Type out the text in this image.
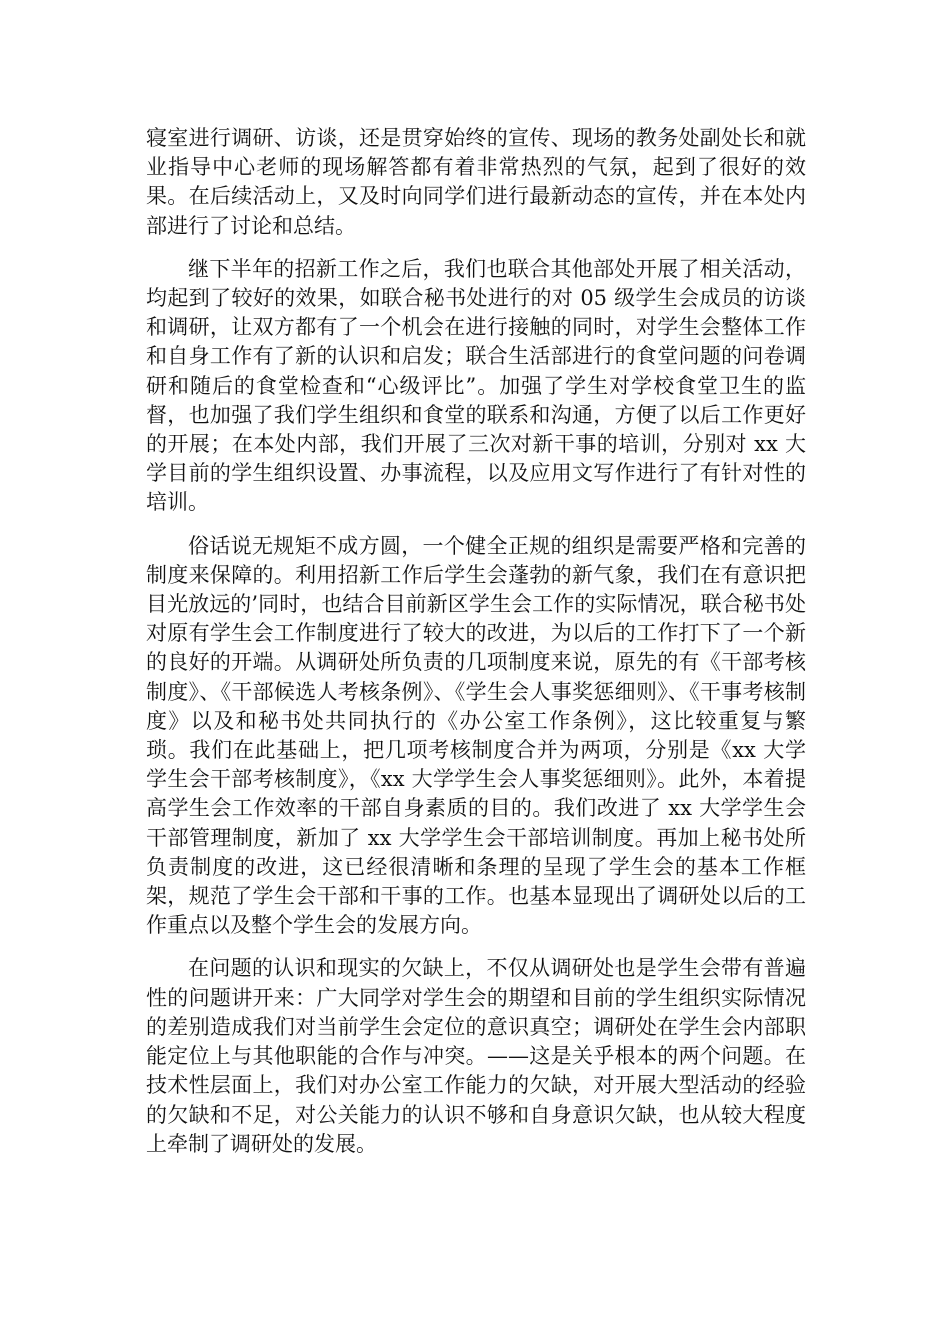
寝室进行调研、访谈，还是贯穿始终的宣传、现场的教务处副处长和就业指导中心老师的现场解答都有着非常热烈的气氛，起到了很好的效果。在后续活动上，又及时向同学们进行最新动态的宣传，并在本处内部进行了讨论和总结。

继下半年的招新工作之后，我们也联合其他部处开展了相关活动，均起到了较好的效果，如联合秘书处进行的对 05 级学生会成员的访谈和调研，让双方都有了一个机会在进行接触的同时，对学生会整体工作和自身工作有了新的认识和启发；联合生活部进行的食堂问题的问卷调研和随后的食堂检查和“心级评比”。加强了学生对学校食堂卫生的监督，也加强了我们学生组织和食堂的联系和沟通，方便了以后工作更好的开展；在本处内部，我们开展了三次对新干事的培训，分别对 xx 大学目前的学生组织设置、办事流程，以及应用文写作进行了有针对性的培训。

俗话说无规矩不成方圆，一个健全正规的组织是需要严格和完善的制度来保障的。利用招新工作后学生会蓬勃的新气象，我们在有意识把目光放远的’同时，也结合目前新区学生会工作的实际情况，联合秘书处对原有学生会工作制度进行了较大的改进，为以后的工作打下了一个新的良好的开端。从调研处所负责的几项制度来说，原先的有《干部考核制度》、《干部候选人考核条例》、《学生会人事奖惩细则》、《干事考核制度》以及和秘书处共同执行的《办公室工作条例》，这比较重复与繁琐。我们在此基础上，把几项考核制度合并为两项，分别是《xx 大学学生会干部考核制度》，《xx 大学学生会人事奖惩细则》。此外，本着提高学生会工作效率的干部自身素质的目的。我们改进了 xx 大学学生会干部管理制度，新加了 xx 大学学生会干部培训制度。再加上秘书处所负责制度的改进，这已经很清晰和条理的呈现了学生会的基本工作框架，规范了学生会干部和干事的工作。也基本显现出了调研处以后的工作重点以及整个学生会的发展方向。

在问题的认识和现实的欠缺上，不仅从调研处也是学生会带有普遍性的问题讲开来：广大同学对学生会的期望和目前的学生组织实际情况的差别造成我们对当前学生会定位的意识真空；调研处在学生会内部职能定位上与其他职能的合作与冲突。——这是关乎根本的两个问题。在技术性层面上，我们对办公室工作能力的欠缺，对开展大型活动的经验的欠缺和不足，对公关能力的认识不够和自身意识欠缺，也从较大程度上牵制了调研处的发展。
